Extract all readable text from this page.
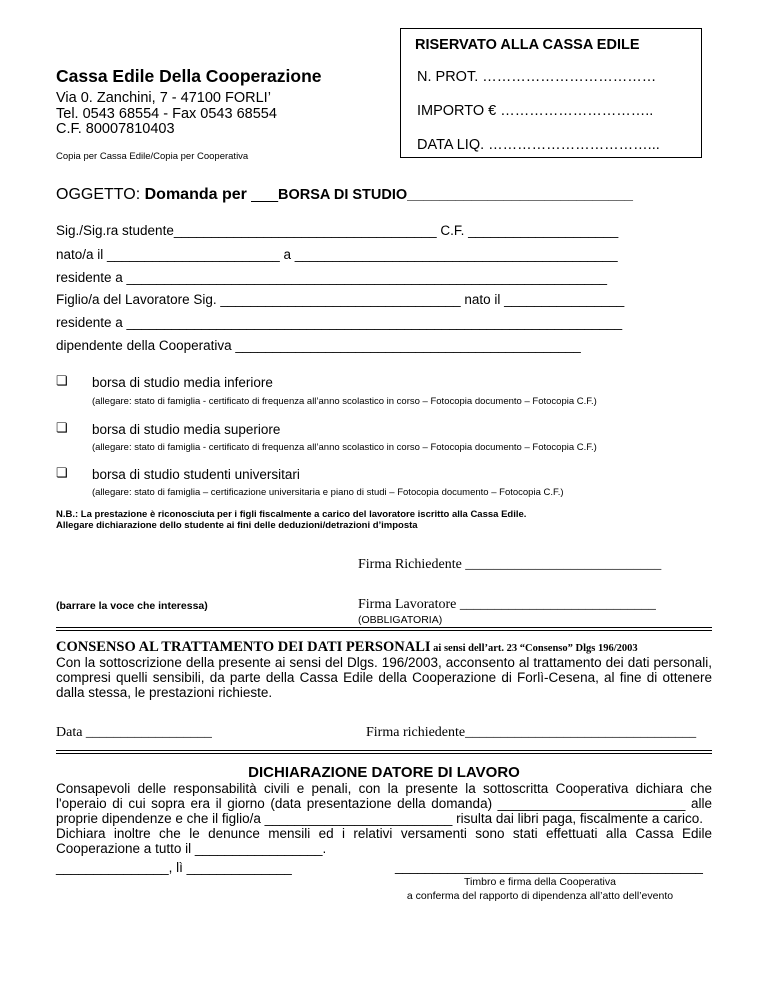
RISERVATO ALLA CASSA EDILE
N. PROT. ………………………………
IMPORTO € …………………………..
DATA LIQ. ……………………………...
Cassa Edile Della Cooperazione
Via 0. Zanchini, 7 - 47100 FORLI’
Tel. 0543 68554 - Fax 0543 68554
C.F. 80007810403
Copia per Cassa Edile/Copia per Cooperativa
OGGETTO: Domanda per ___BORSA DI STUDIO____________________________
Sig./Sig.ra studente___________________________________ C.F. ____________________
nato/a il _______________________ a ___________________________________________
residente a ________________________________________________________________
Figlio/a del Lavoratore Sig. ________________________________ nato il ________________
residente a __________________________________________________________________
dipendente della Cooperativa ______________________________________________
❏ borsa di studio media inferiore
(allegare: stato di famiglia - certificato di frequenza all’anno scolastico in corso – Fotocopia documento – Fotocopia C.F.)
❏ borsa di studio media superiore
(allegare: stato di famiglia - certificato di frequenza all’anno scolastico in corso – Fotocopia documento – Fotocopia C.F.)
❏ borsa di studio studenti universitari
(allegare: stato di famiglia – certificazione universitaria e piano di studi – Fotocopia documento – Fotocopia C.F.)
N.B.: La prestazione è riconosciuta per i figli fiscalmente a carico del lavoratore iscritto alla Cassa Edile.
Allegare dichiarazione dello studente ai fini delle deduzioni/detrazioni d’imposta
Firma Richiedente ____________________________
(barrare la voce che interessa)	Firma Lavoratore ____________________________
(OBBLIGATORIA)
CONSENSO AL TRATTAMENTO DEI DATI PERSONALI ai sensi dell’art. 23 “Consenso” Dlgs 196/2003
Con la sottoscrizione della presente ai sensi del Dlgs. 196/2003, acconsento al trattamento dei dati personali, compresi quelli sensibili, da parte della Cassa Edile della Cooperazione di Forlì-Cesena, al fine di ottenere dalla stessa, le prestazioni richieste.
Data __________________	Firma richiedente_________________________________
DICHIARAZIONE DATORE DI LAVORO
Consapevoli delle responsabilità civili e penali, con la presente la sottoscritta Cooperativa dichiara che l'operaio di cui sopra era il giorno (data presentazione della domanda) _________________________ alle proprie dipendenze e che il figlio/a _________________________ risulta dai libri paga, fiscalmente a carico.
Dichiara inoltre che le denunce mensili ed i relativi versamenti sono stati effettuati alla Cassa Edile Cooperazione a tutto il _________________.
_______________, lì ______________	_________________________________________
Timbro e firma della Cooperativa
a conferma del rapporto di dipendenza all’atto dell’evento
